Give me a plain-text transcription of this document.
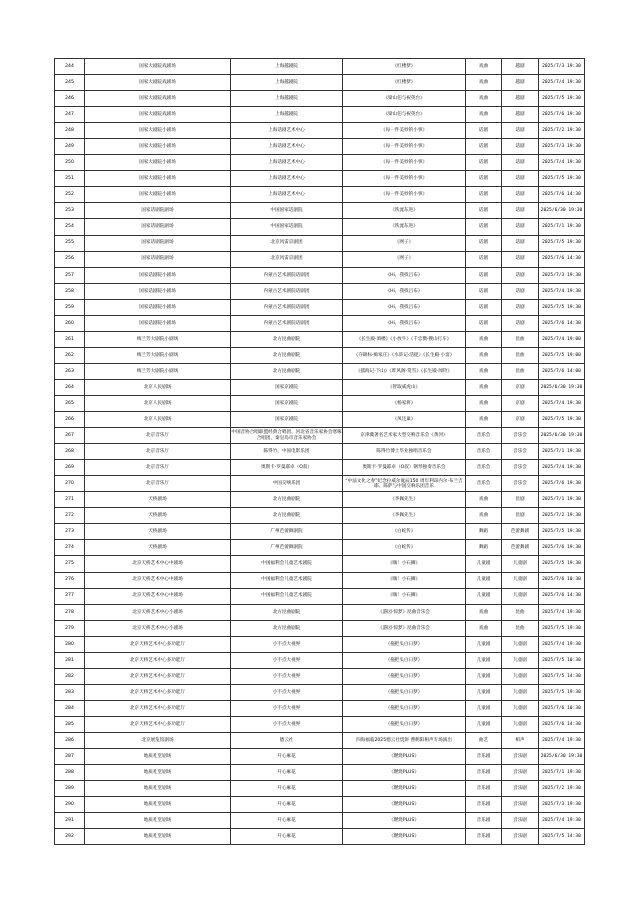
244	国家大剧院戏剧场	上海越剧院	《红楼梦》	戏曲	越剧	2025/7/3 19:30
245	国家大剧院戏剧场	上海越剧院	《红楼梦》	戏曲	越剧	2025/7/4 19:30
246	国家大剧院戏剧场	上海越剧院	《梁山伯与祝英台》	戏曲	越剧	2025/7/5 19:30
247	国家大剧院戏剧场	上海越剧院	《梁山伯与祝英台》	戏曲	越剧	2025/7/6 19:30
248	国家大剧院小剧场	上海话剧艺术中心	《每一件美妙的小事》	话剧	话剧	2025/7/2 19:30
249	国家大剧院小剧场	上海话剧艺术中心	《每一件美妙的小事》	话剧	话剧	2025/7/3 19:30
250	国家大剧院小剧场	上海话剧艺术中心	《每一件美妙的小事》	话剧	话剧	2025/7/4 19:30
251	国家大剧院小剧场	上海话剧艺术中心	《每一件美妙的小事》	话剧	话剧	2025/7/5 19:30
252	国家大剧院小剧场	上海话剧艺术中心	《每一件美妙的小事》	话剧	话剧	2025/7/6 14:30
253	国家话剧院剧场	中国国家话剧院	《铁流东进》	话剧	话剧	2025/6/30 19:30
254	国家话剧院剧场	中国国家话剧院	《铁流东进》	话剧	话剧	2025/7/1 19:30
255	国家话剧院剧场	北京风雷京剧团	《网子》	话剧	话剧	2025/7/5 19:30
256	国家话剧院剧场	北京风雷京剧团	《网子》	话剧	话剧	2025/7/6 14:30
257	国家话剧院小剧场	内蒙古艺术剧院话剧团	《Hi，我找吕布》	话剧	话剧	2025/7/3 19:30
258	国家话剧院小剧场	内蒙古艺术剧院话剧团	《Hi，我找吕布》	话剧	话剧	2025/7/4 19:30
259	国家话剧院小剧场	内蒙古艺术剧院话剧团	《Hi，我找吕布》	话剧	话剧	2025/7/5 19:30
260	国家话剧院小剧场	内蒙古艺术剧院话剧团	《Hi，我找吕布》	话剧	话剧	2025/7/6 14:30
261	梅兰芳大剧院小剧场	北方昆曲剧院	《长生殿·酒楼》《小放牛》《千忠戮·搜山打车》	戏曲	昆曲	2025/7/4 19:00
262	梅兰芳大剧院小剧场	北方昆曲剧院	《夺锦标·痴家庄》《水浒记·活捉》《长生殿·小宴》	戏曲	昆曲	2025/7/5 19:00
263	梅兰芳大剧院小剧场	北方昆曲剧院	《擂海记·下山》《昨风阁·赏雪》《长生殿·闻铃》	戏曲	昆曲	2025/7/6 14:00
264	北京人民剧场	国家京剧院	《智取威虎山》	戏曲	京剧	2025/6/30 19:30
265	北京人民剧场	国家京剧院	《杨家将》	戏曲	京剧	2025/7/4 19:30
266	北京人民剧场	国家京剧院	《凤还巢》	戏曲	京剧	2025/7/5 19:30
267	北京音乐厅	中国音协合唱联盟经典合唱团、河北省音乐家协会寒啄合唱团、秦皇岛市音乐家协会	京津冀著名艺术家大型交响音乐会《黄河》	音乐会	音乐会	2025/6/30 19:30
268	北京音乐厅	陈得竹、中国电影乐团	陈得竹博士毕业独唱音乐会	音乐会	音乐会	2025/7/1 19:30
269	北京音乐厅	奥斯卡·罗曼耶卓（O叔）	奥斯卡·罗曼耶卓（O叔）钢琴独奏音乐会	音乐会	音乐会	2025/7/4 19:30
270	北京音乐厅	中国交响乐团	“中法文化之春”纪念拉威尔诞辰150 周年利昂内尔·布兰吉耶、陈萨与中国交响乐团音乐	音乐会	音乐会	2025/7/6 19:30
271	天桥剧场	北方昆曲剧院	《李佩先生》	戏曲	昆剧	2025/7/1 19:30
272	天桥剧场	北方昆曲剧院	《李佩先生》	戏曲	昆剧	2025/7/2 19:30
273	天桥剧场	广州芭蕾舞剧院	《白蛇传》	舞蹈	芭蕾舞剧	2025/7/5 19:30
274	天桥剧场	广州芭蕾舞剧院	《白蛇传》	舞蹈	芭蕾舞剧	2025/7/6 19:30
275	北京天桥艺术中心中剧场	中国福利会儿童艺术剧院	《嗨！小石狮》	儿童剧	儿童剧	2025/7/5 19:30
276	北京天桥艺术中心中剧场	中国福利会儿童艺术剧院	《嗨！小石狮》	儿童剧	儿童剧	2025/7/6 10:30
277	北京天桥艺术中心中剧场	中国福利会儿童艺术剧院	《嗨！小石狮》	儿童剧	儿童剧	2025/7/6 14:30
278	北京天桥艺术中心小剧场	北方昆曲剧院	《游园·惊梦》昆曲音乐会	戏曲	昆曲	2025/7/4 19:30
279	北京天桥艺术中心小剧场	北方昆曲剧院	《游园·惊梦》昆曲音乐会	戏曲	昆曲	2025/7/5 19:30
280	北京天桥艺术中心多功能厅	小不点大视界	《拖把头白日梦》	儿童剧	儿童剧	2025/7/4 19:30
281	北京天桥艺术中心多功能厅	小不点大视界	《拖把头白日梦》	儿童剧	儿童剧	2025/7/5 10:30
282	北京天桥艺术中心多功能厅	小不点大视界	《拖把头白日梦》	儿童剧	儿童剧	2025/7/5 14:30
283	北京天桥艺术中心多功能厅	小不点大视界	《拖把头白日梦》	儿童剧	儿童剧	2025/7/5 19:30
284	北京天桥艺术中心多功能厅	小不点大视界	《拖把头白日梦》	儿童剧	儿童剧	2025/7/6 10:30
285	北京天桥艺术中心多功能厅	小不点大视界	《拖把头白日梦》	儿童剧	儿童剧	2025/7/6 14:30
286	北京展览馆剧场	德云社	四海福临2025德云社烧饼 曹鹤阳相声专场演出	曲艺	相声	2025/7/4 19:30
287	地质礼堂剧场	开心麻花	《燃烧PLUS》	音乐剧	音乐剧	2025/6/30 19:30
288	地质礼堂剧场	开心麻花	《燃烧PLUS》	音乐剧	音乐剧	2025/7/1 19:30
289	地质礼堂剧场	开心麻花	《燃烧PLUS》	音乐剧	音乐剧	2025/7/2 19:30
290	地质礼堂剧场	开心麻花	《燃烧PLUS》	音乐剧	音乐剧	2025/7/3 19:30
291	地质礼堂剧场	开心麻花	《燃烧PLUS》	音乐剧	音乐剧	2025/7/4 19:30
292	地质礼堂剧场	开心麻花	《燃烧PLUS》	音乐剧	音乐剧	2025/7/5 14:30
